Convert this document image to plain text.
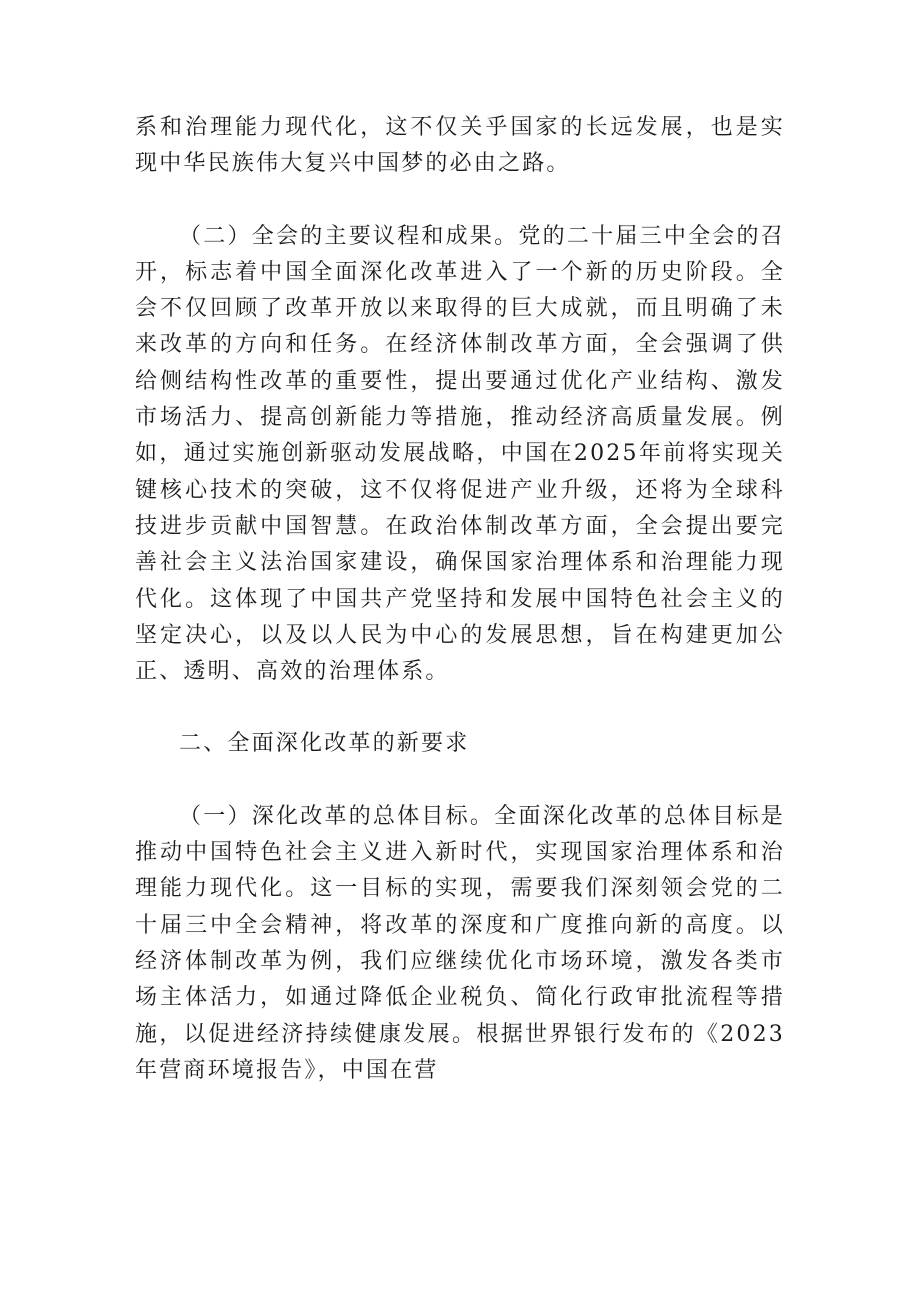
系和治理能力现代化，这不仅关乎国家的长远发展，也是实现中华民族伟大复兴中国梦的必由之路。

（二）全会的主要议程和成果。党的二十届三中全会的召开，标志着中国全面深化改革进入了一个新的历史阶段。全会不仅回顾了改革开放以来取得的巨大成就，而且明确了未来改革的方向和任务。在经济体制改革方面，全会强调了供给侧结构性改革的重要性，提出要通过优化产业结构、激发市场活力、提高创新能力等措施，推动经济高质量发展。例如，通过实施创新驱动发展战略，中国在2025年前将实现关键核心技术的突破，这不仅将促进产业升级，还将为全球科技进步贡献中国智慧。在政治体制改革方面，全会提出要完善社会主义法治国家建设，确保国家治理体系和治理能力现代化。这体现了中国共产党坚持和发展中国特色社会主义的坚定决心，以及以人民为中心的发展思想，旨在构建更加公正、透明、高效的治理体系。

二、全面深化改革的新要求

（一）深化改革的总体目标。全面深化改革的总体目标是推动中国特色社会主义进入新时代，实现国家治理体系和治理能力现代化。这一目标的实现，需要我们深刻领会党的二十届三中全会精神，将改革的深度和广度推向新的高度。以经济体制改革为例，我们应继续优化市场环境，激发各类市场主体活力，如通过降低企业税负、简化行政审批流程等措施，以促进经济持续健康发展。根据世界银行发布的《2023年营商环境报告》，中国在营
